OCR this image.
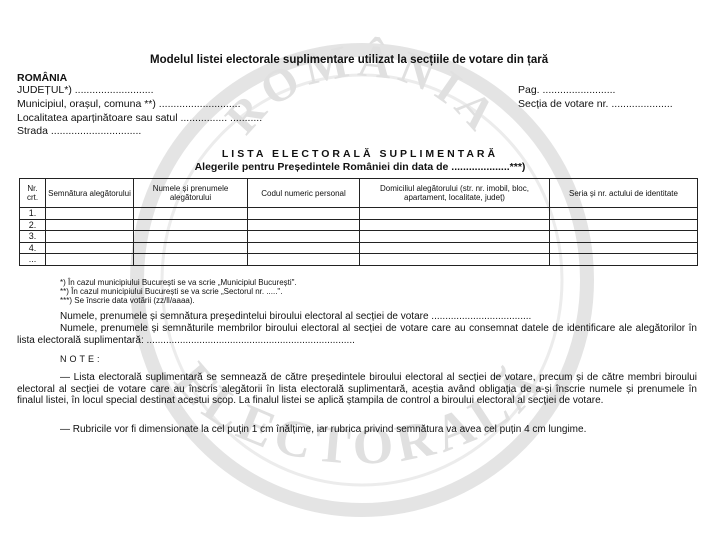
ROMÂNIA
ELECTORALĂ
Modelul listei electorale suplimentare utilizat la secțiile de votare din țară
ROMÂNIA
JUDEȚUL*) ...........................
Municipiul, orașul, comuna **) ............................
Localitatea aparținătoare sau satul ................ ...........
Strada ...............................
Pag. .........................
Secția de votare nr. .....................
LISTA ELECTORALĂ SUPLIMENTARĂ
Alegerile pentru Președintele României din data de ....................***)
Nr. crt.	Semnătura alegătorului	Numele și prenumele alegătorului	Codul numeric personal	Domiciliul alegătorului (str. nr. imobil, bloc, apartament, localitate, județ)	Seria și nr. actului de identitate
1.					
2.					
3.					
4.					
...					
*) În cazul municipiului București se va scrie „Municipiul București".
**) În cazul municipiului București se va scrie „Sectorul nr. .....".
***) Se înscrie data votării (zz/ll/aaaa).
Numele, prenumele și semnătura președintelui biroului electoral al secției de votare ....................................
Numele, prenumele și semnăturile membrilor biroului electoral al secției de votare care au consemnat datele de identificare ale alegătorilor în lista electorală suplimentară: ...........................................................................
NOTE:
— Lista electorală suplimentară se semnează de către președintele biroului electoral al secției de votare, precum și de către membri biroului electoral al secției de votare care au înscris alegătorii în lista electorală suplimentară, aceștia având obligația de a-și înscrie numele și prenumele în finalul listei, în locul special destinat acestui scop. La finalul listei se aplică ștampila de control a biroului electoral al secției de votare.
— Rubricile vor fi dimensionate la cel puțin 1 cm înălțime, iar rubrica privind semnătura va avea cel puțin 4 cm lungime.
